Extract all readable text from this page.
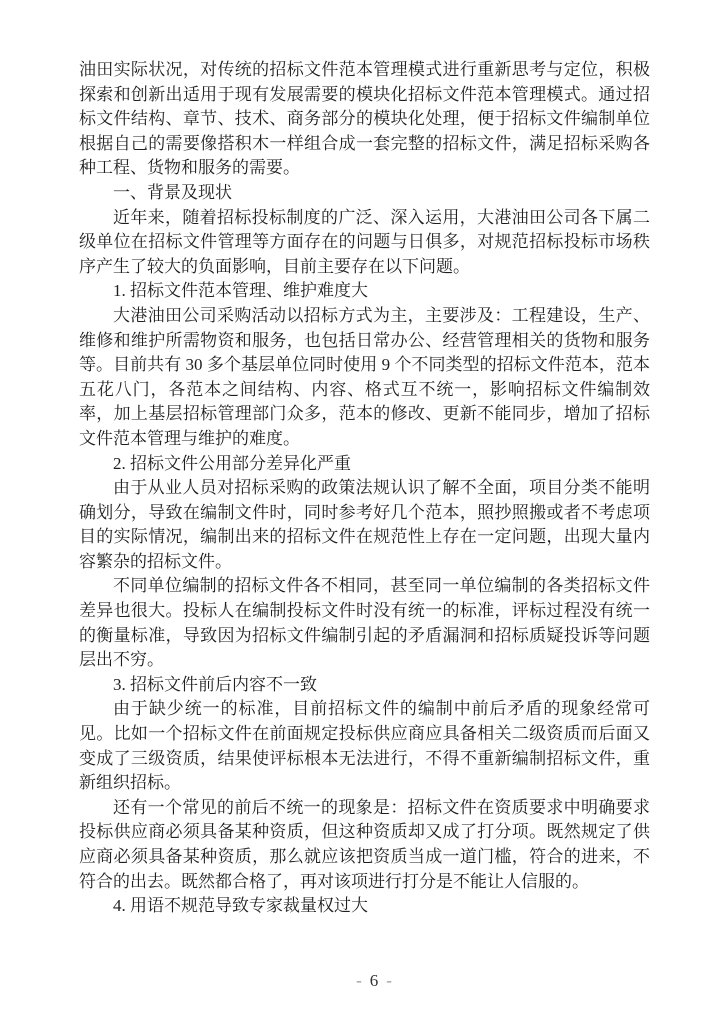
油田实际状况，对传统的招标文件范本管理模式进行重新思考与定位，积极探索和创新出适用于现有发展需要的模块化招标文件范本管理模式。通过招标文件结构、章节、技术、商务部分的模块化处理，便于招标文件编制单位根据自己的需要像搭积木一样组合成一套完整的招标文件，满足招标采购各种工程、货物和服务的需要。

一、背景及现状

近年来，随着招标投标制度的广泛、深入运用，大港油田公司各下属二级单位在招标文件管理等方面存在的问题与日俱多，对规范招标投标市场秩序产生了较大的负面影响，目前主要存在以下问题。

1. 招标文件范本管理、维护难度大

大港油田公司采购活动以招标方式为主，主要涉及：工程建设，生产、维修和维护所需物资和服务，也包括日常办公、经营管理相关的货物和服务等。目前共有 30 多个基层单位同时使用 9 个不同类型的招标文件范本，范本五花八门，各范本之间结构、内容、格式互不统一，影响招标文件编制效率，加上基层招标管理部门众多，范本的修改、更新不能同步，增加了招标文件范本管理与维护的难度。

2. 招标文件公用部分差异化严重

由于从业人员对招标采购的政策法规认识了解不全面，项目分类不能明确划分，导致在编制文件时，同时参考好几个范本，照抄照搬或者不考虑项目的实际情况，编制出来的招标文件在规范性上存在一定问题，出现大量内容繁杂的招标文件。

不同单位编制的招标文件各不相同，甚至同一单位编制的各类招标文件差异也很大。投标人在编制投标文件时没有统一的标准，评标过程没有统一的衡量标准，导致因为招标文件编制引起的矛盾漏洞和招标质疑投诉等问题层出不穷。

3. 招标文件前后内容不一致

由于缺少统一的标准，目前招标文件的编制中前后矛盾的现象经常可见。比如一个招标文件在前面规定投标供应商应具备相关二级资质而后面又变成了三级资质，结果使评标根本无法进行，不得不重新编制招标文件，重新组织招标。

还有一个常见的前后不统一的现象是：招标文件在资质要求中明确要求投标供应商必须具备某种资质，但这种资质却又成了打分项。既然规定了供应商必须具备某种资质，那么就应该把资质当成一道门槛，符合的进来，不符合的出去。既然都合格了，再对该项进行打分是不能让人信服的。

4. 用语不规范导致专家裁量权过大

- 6 -
